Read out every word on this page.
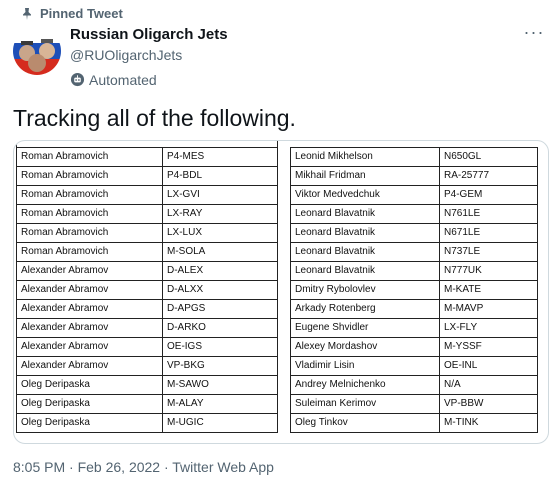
Pinned Tweet
Russian Oligarch Jets
@RUOligarchJets
Automated
···
Tracking all of the following.
Roman Abramovich	P4-MES
Roman Abramovich	P4-BDL
Roman Abramovich	LX-GVI
Roman Abramovich	LX-RAY
Roman Abramovich	LX-LUX
Roman Abramovich	M-SOLA
Alexander Abramov	D-ALEX
Alexander Abramov	D-ALXX
Alexander Abramov	D-APGS
Alexander Abramov	D-ARKO
Alexander Abramov	OE-IGS
Alexander Abramov	VP-BKG
Oleg Deripaska	M-SAWO
Oleg Deripaska	M-ALAY
Oleg Deripaska	M-UGIC
Leonid Mikhelson	N650GL
Mikhail Fridman	RA-25777
Viktor Medvedchuk	P4-GEM
Leonard Blavatnik	N761LE
Leonard Blavatnik	N671LE
Leonard Blavatnik	N737LE
Leonard Blavatnik	N777UK
Dmitry Rybolovlev	M-KATE
Arkady Rotenberg	M-MAVP
Eugene Shvidler	LX-FLY
Alexey Mordashov	M-YSSF
Vladimir Lisin	OE-INL
Andrey Melnichenko	N/A
Suleiman Kerimov	VP-BBW
Oleg Tinkov	M-TINK
8:05 PM · Feb 26, 2022 · Twitter Web App
